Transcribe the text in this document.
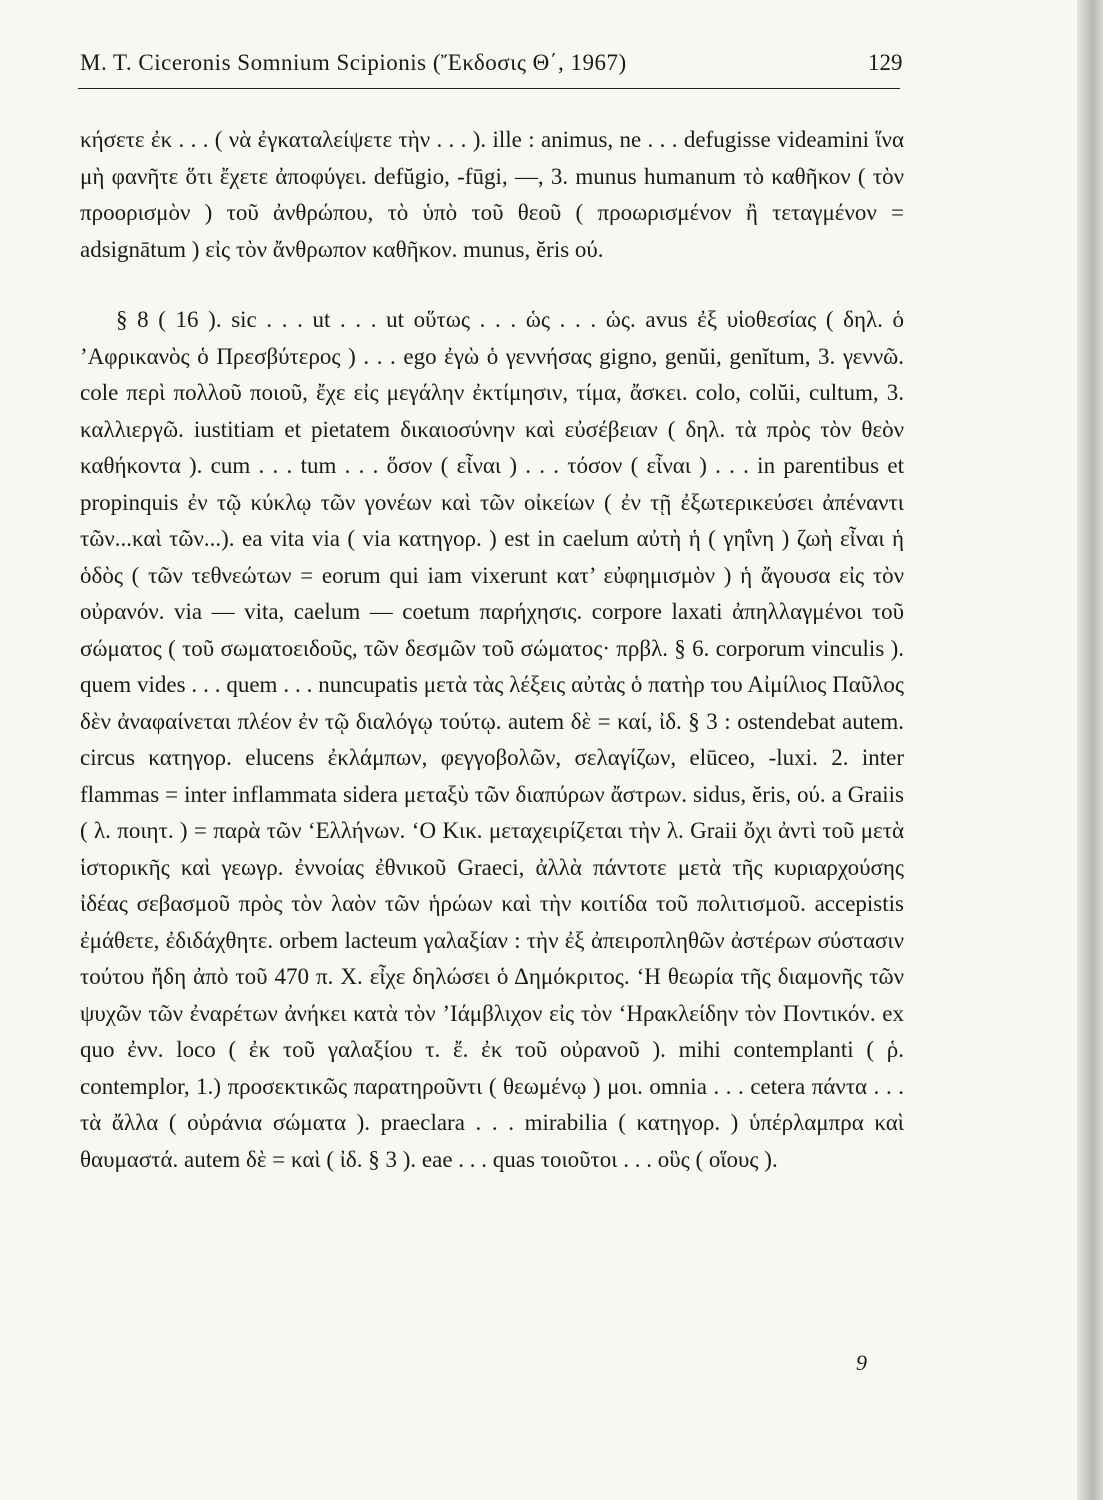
M. T. Ciceronis Somnium Scipionis (Ἔκδοσις Θ΄, 1967)	129

κήσετε ἐκ . . . ( νὰ ἐγκαταλείψετε τὴν . . . ). ille : animus, ne . . . defugisse videamini ἵνα μὴ φανῆτε ὅτι ἔχετε ἀποφύγει. defŭgio, -fūgi, —, 3. munus humanum τὸ καθῆκον ( τὸν προορισμὸν ) τοῦ ἀνθρώπου, τὸ ὑπὸ τοῦ θεοῦ ( προωρισμένον ἢ τεταγμένον = adsignātum ) εἰς τὸν ἄνθρωπον καθῆκον. munus, ĕris ού.

§ 8 ( 16 ). sic . . . ut . . . ut οὕτως . . . ὡς . . . ὡς. avus ἐξ υἱοθεσίας ( δηλ. ὁ ’Αφρικανὸς ὁ Πρεσβύτερος ) . . . ego ἐγὼ ὁ γεννήσας gigno, genŭi, genĭtum, 3. γεννῶ. cole περὶ πολλοῦ ποιοῦ, ἔχε εἰς μεγάλην ἐκτίμησιν, τίμα, ἄσκει. colo, colŭi, cultum, 3. καλλιεργῶ. iustitiam et pietatem δικαιοσύνην καὶ εὐσέβειαν ( δηλ. τὰ πρὸς τὸν θεὸν καθήκοντα ). cum . . . tum . . . ὅσον ( εἶναι ) . . . τόσον ( εἶναι ) . . . in parentibus et propinquis ἐν τῷ κύκλῳ τῶν γονέων καὶ τῶν οἰκείων ( ἐν τῇ ἐξωτερικεύσει ἀπέναντι τῶν...καὶ τῶν...). ea vita via ( via κατηγορ. ) est in caelum αὐτὴ ἡ ( γηΐνη ) ζωὴ εἶναι ἡ ὁδὸς ( τῶν τεθνεώτων = eorum qui iam vixerunt κατ’ εὐφημισμὸν ) ἡ ἄγουσα εἰς τὸν οὐρανόν. via — vita, caelum — coetum παρήχησις. corpore laxati ἀπηλλαγμένοι τοῦ σώματος ( τοῦ σωματοειδοῦς, τῶν δεσμῶν τοῦ σώματος· πρβλ. § 6. corporum vinculis ). quem vides . . . quem . . . nuncupatis μετὰ τὰς λέξεις αὐτὰς ὁ πατὴρ του Αἰμίλιος Παῦλος δὲν ἀναφαίνεται πλέον ἐν τῷ διαλόγῳ τούτῳ. autem δὲ = καί, ἰδ. § 3 : ostendebat autem. circus κατηγορ. elucens ἐκλάμπων, φεγγοβολῶν, σελαγίζων, elūceo, -luxi. 2. inter flammas = inter inflammata sidera μεταξὺ τῶν διαπύρων ἄστρων. sidus, ĕris, ού. a Graiis ( λ. ποιητ. ) = παρὰ τῶν ‘Ελλήνων. ‘Ο Κικ. μεταχειρίζεται τὴν λ. Graii ὄχι ἀντὶ τοῦ μετὰ ἱστορικῆς καὶ γεωγρ. ἐννοίας ἐθνικοῦ Graeci, ἀλλὰ πάντοτε μετὰ τῆς κυριαρχούσης ἰδέας σεβασμοῦ πρὸς τὸν λαὸν τῶν ἡρώων καὶ τὴν κοιτίδα τοῦ πολιτισμοῦ. accepistis ἐμάθετε, ἐδιδάχθητε. orbem lacteum γαλαξίαν : τὴν ἐξ ἀπειροπληθῶν ἀστέρων σύστασιν τούτου ἤδη ἀπὸ τοῦ 470 π. Χ. εἶχε δηλώσει ὁ Δημόκριτος. ‘Η θεωρία τῆς διαμονῆς τῶν ψυχῶν τῶν ἐναρέτων ἀνήκει κατὰ τὸν ’Ιάμβλιχον εἰς τὸν ‘Ηρακλείδην τὸν Ποντικόν. ex quo ἐνν. loco ( ἐκ τοῦ γαλαξίου τ. ἔ. ἐκ τοῦ οὐρανοῦ ). mihi contemplanti ( ῥ. contemplor, 1.) προσεκτικῶς παρατηροῦντι ( θεωμένῳ ) μοι. omnia . . . cetera πάντα . . . τὰ ἄλλα ( οὐράνια σώματα ). praeclara . . . mirabilia ( κατηγορ. ) ὑπέρλαμπρα καὶ θαυμαστά. autem δὲ = καὶ ( ἰδ. § 3 ). eae . . . quas τοιοῦτοι . . . οὓς ( οἵους ).

9
